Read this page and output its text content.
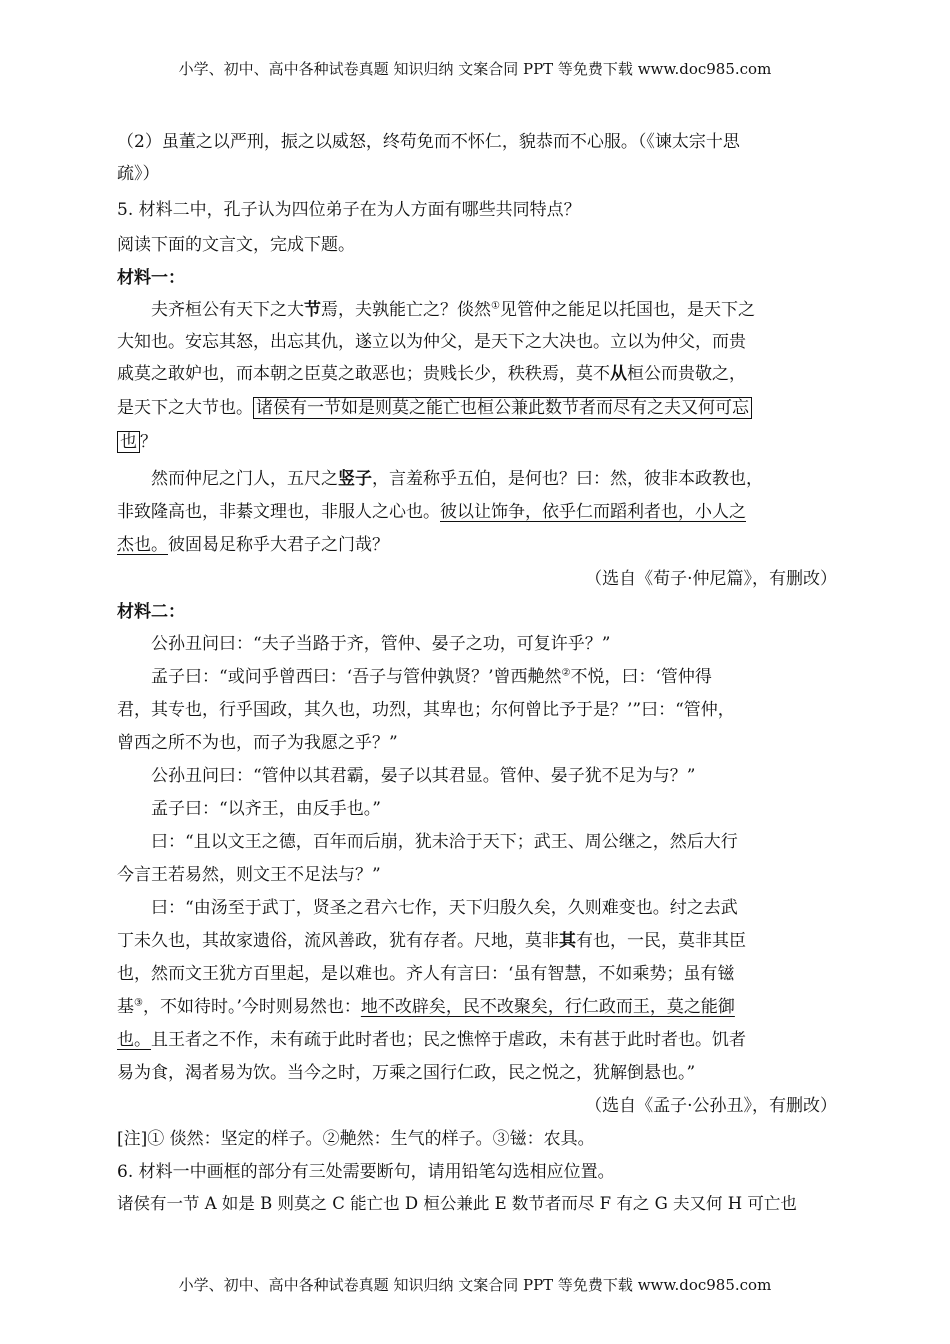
小学、初中、高中各种试卷真题 知识归纳 文案合同 PPT 等免费下载 www.doc985.com
（2）虽董之以严刑，振之以威怒，终苟免而不怀仁，貌恭而不心服。（《谏太宗十思
疏》）
5. 材料二中，孔子认为四位弟子在为人方面有哪些共同特点？
阅读下面的文言文，完成下题。
材料一：
夫齐桓公有天下之大节焉，夫孰能亡之？倓然①见管仲之能足以托国也，是天下之
大知也。安忘其怒，出忘其仇，遂立以为仲父，是天下之大决也。立以为仲父，而贵
戚莫之敢妒也，而本朝之臣莫之敢恶也；贵贱长少，秩秩焉，莫不从桓公而贵敬之，
是天下之大节也。 诸侯有一节如是则莫之能亡也桓公兼此数节者而尽有之夫又何可忘
也 ？
然而仲尼之门人，五尺之竖子，言羞称乎五伯，是何也？曰：然，彼非本政教也，
非致隆高也，非綦文理也，非服人之心也。彼以让饰争，依乎仁而蹈利者也，小人之
杰也。彼固曷足称乎大君子之门哉？
（选自《荀子·仲尼篇》，有删改）
材料二：
公孙丑问曰：“夫子当路于齐，管仲、晏子之功，可复许乎？”
孟子曰：“或问乎曾西曰：‘吾子与管仲孰贤？’曾西艴然②不悦，曰：‘管仲得
君，其专也，行乎国政，其久也，功烈，其卑也；尔何曾比予于是？’”曰：“管仲，
曾西之所不为也，而子为我愿之乎？”
公孙丑问曰：“管仲以其君霸，晏子以其君显。管仲、晏子犹不足为与？”
孟子曰：“以齐王，由反手也。”
曰：“且以文王之德，百年而后崩，犹未洽于天下；武王、周公继之，然后大行
今言王若易然，则文王不足法与？”
曰：“由汤至于武丁，贤圣之君六七作，天下归殷久矣，久则难变也。纣之去武
丁未久也，其故家遗俗，流风善政，犹有存者。尺地，莫非其有也，一民，莫非其臣
也，然而文王犹方百里起，是以难也。齐人有言曰：‘虽有智慧，不如乘势；虽有镃
基③，不如待时。’今时则易然也：地不改辟矣，民不改聚矣，行仁政而王，莫之能御
也。且王者之不作，未有疏于此时者也；民之憔悴于虐政，未有甚于此时者也。饥者
易为食，渴者易为饮。当今之时，万乘之国行仁政，民之悦之，犹解倒悬也。”
（选自《孟子·公孙丑》，有删改）
[注]① 倓然：坚定的样子。②艴然：生气的样子。③镃：农具。
6. 材料一中画框的部分有三处需要断句，请用铅笔勾选相应位置。
诸侯有一节 A 如是 B 则莫之 C 能亡也 D 桓公兼此 E 数节者而尽 F 有之 G 夫又何 H 可亡也
小学、初中、高中各种试卷真题 知识归纳 文案合同 PPT 等免费下载 www.doc985.com
